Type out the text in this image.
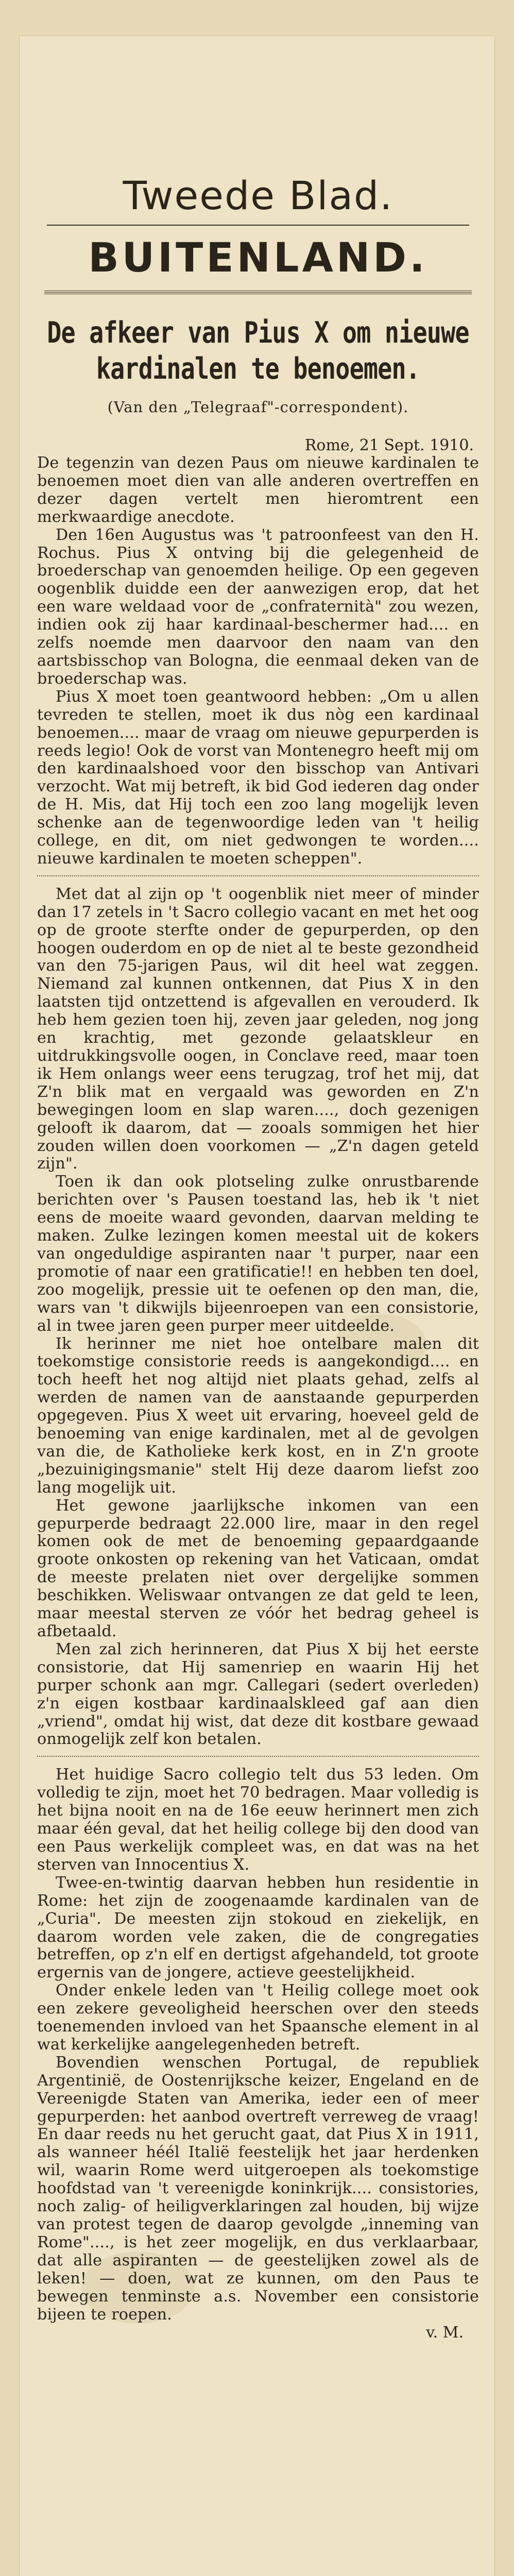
Tweede Blad.
BUITENLAND.
De afkeer van Pius X om nieuwe
kardinalen te benoemen.
(Van den „Telegraaf"-correspondent).
Rome, 21 Sept. 1910.

De tegenzin van dezen Paus om nieuwe kardinalen te benoemen moet dien van alle anderen overtreffen en dezer dagen vertelt men hieromtrent een merkwaardige anecdote.

Den 16en Augustus was 't patroonfeest van den H. Rochus. Pius X ontving bij die gelegenheid de broederschap van genoemden heilige. Op een gegeven oogenblik duidde een der aanwezigen erop, dat het een ware weldaad voor de „confraternità" zou wezen, indien ook zij haar kardinaal-beschermer had.... en zelfs noemde men daarvoor den naam van den aartsbisschop van Bologna, die eenmaal deken van de broederschap was.

Pius X moet toen geantwoord hebben: „Om u allen tevreden te stellen, moet ik dus nòg een kardinaal benoemen.... maar de vraag om nieuwe gepurperden is reeds legio! Ook de vorst van Montenegro heeft mij om den kardinaalshoed voor den bisschop van Antivari verzocht. Wat mij betreft, ik bid God iederen dag onder de H. Mis, dat Hij toch een zoo lang mogelijk leven schenke aan de tegenwoordige leden van 't heilig college, en dit, om niet gedwongen te worden.... nieuwe kardinalen te moeten scheppen".

Met dat al zijn op 't oogenblik niet meer of minder dan 17 zetels in 't Sacro collegio vacant en met het oog op de groote sterfte onder de gepurperden, op den hoogen ouderdom en op de niet al te beste gezondheid van den 75-jarigen Paus, wil dit heel wat zeggen. Niemand zal kunnen ontkennen, dat Pius X in den laatsten tijd ontzettend is afgevallen en verouderd. Ik heb hem gezien toen hij, zeven jaar geleden, nog jong en krachtig, met gezonde gelaatskleur en uitdrukkingsvolle oogen, in Conclave reed, maar toen ik Hem onlangs weer eens terugzag, trof het mij, dat Z'n blik mat en vergaald was geworden en Z'n bewegingen loom en slap waren...., doch gezenigen gelooft ik daarom, dat — zooals sommigen het hier zouden willen doen voorkomen — „Z'n dagen geteld zijn".

Toen ik dan ook plotseling zulke onrustbarende berichten over 's Pausen toestand las, heb ik 't niet eens de moeite waard gevonden, daarvan melding te maken. Zulke lezingen komen meestal uit de kokers van ongeduldige aspiranten naar 't purper, naar een promotie of naar een gratificatie!! en hebben ten doel, zoo mogelijk, pressie uit te oefenen op den man, die, wars van 't dikwijls bijeenroepen van een consistorie, al in twee jaren geen purper meer uitdeelde.

Ik herinner me niet hoe ontelbare malen dit toekomstige consistorie reeds is aangekondigd.... en toch heeft het nog altijd niet plaats gehad, zelfs al werden de namen van de aanstaande gepurperden opgegeven. Pius X weet uit ervaring, hoeveel geld de benoeming van enige kardinalen, met al de gevolgen van die, de Katholieke kerk kost, en in Z'n groote „bezuinigingsmanie" stelt Hij deze daarom liefst zoo lang mogelijk uit.

Het gewone jaarlijksche inkomen van een gepurperde bedraagt 22.000 lire, maar in den regel komen ook de met de benoeming gepaardgaande groote onkosten op rekening van het Vaticaan, omdat de meeste prelaten niet over dergelijke sommen beschikken. Weliswaar ontvangen ze dat geld te leen, maar meestal sterven ze vóór het bedrag geheel is afbetaald.

Men zal zich herinneren, dat Pius X bij het eerste consistorie, dat Hij samenriep en waarin Hij het purper schonk aan mgr. Callegari (sedert overleden) z'n eigen kostbaar kardinaalskleed gaf aan dien „vriend", omdat hij wist, dat deze dit kostbare gewaad onmogelijk zelf kon betalen.

Het huidige Sacro collegio telt dus 53 leden. Om volledig te zijn, moet het 70 bedragen. Maar volledig is het bijna nooit en na de 16e eeuw herinnert men zich maar één geval, dat het heilig college bij den dood van een Paus werkelijk compleet was, en dat was na het sterven van Innocentius X.

Twee-en-twintig daarvan hebben hun residentie in Rome: het zijn de zoogenaamde kardinalen van de „Curia". De meesten zijn stokoud en ziekelijk, en daarom worden vele zaken, die de congregaties betreffen, op z'n elf en dertigst afgehandeld, tot groote ergernis van de jongere, actieve geestelijkheid.

Onder enkele leden van 't Heilig college moet ook een zekere geveoligheid heerschen over den steeds toenemenden invloed van het Spaansche element in al wat kerkelijke aangelegenheden betreft.

Bovendien wenschen Portugal, de republiek Argentinië, de Oostenrijksche keizer, Engeland en de Vereenigde Staten van Amerika, ieder een of meer gepurperden: het aanbod overtreft verreweg de vraag! En daar reeds nu het gerucht gaat, dat Pius X in 1911, als wanneer héél Italië feestelijk het jaar herdenken wil, waarin Rome werd uitgeroepen als toekomstige hoofdstad van 't vereenigde koninkrijk.... consistories, noch zalig- of heiligverklaringen zal houden, bij wijze van protest tegen de daarop gevolgde „inneming van Rome"...., is het zeer mogelijk, en dus verklaarbaar, dat alle aspiranten — de geestelijken zowel als de leken! — doen, wat ze kunnen, om den Paus te bewegen tenminste a.s. November een consistorie bijeen te roepen.

v. M.
